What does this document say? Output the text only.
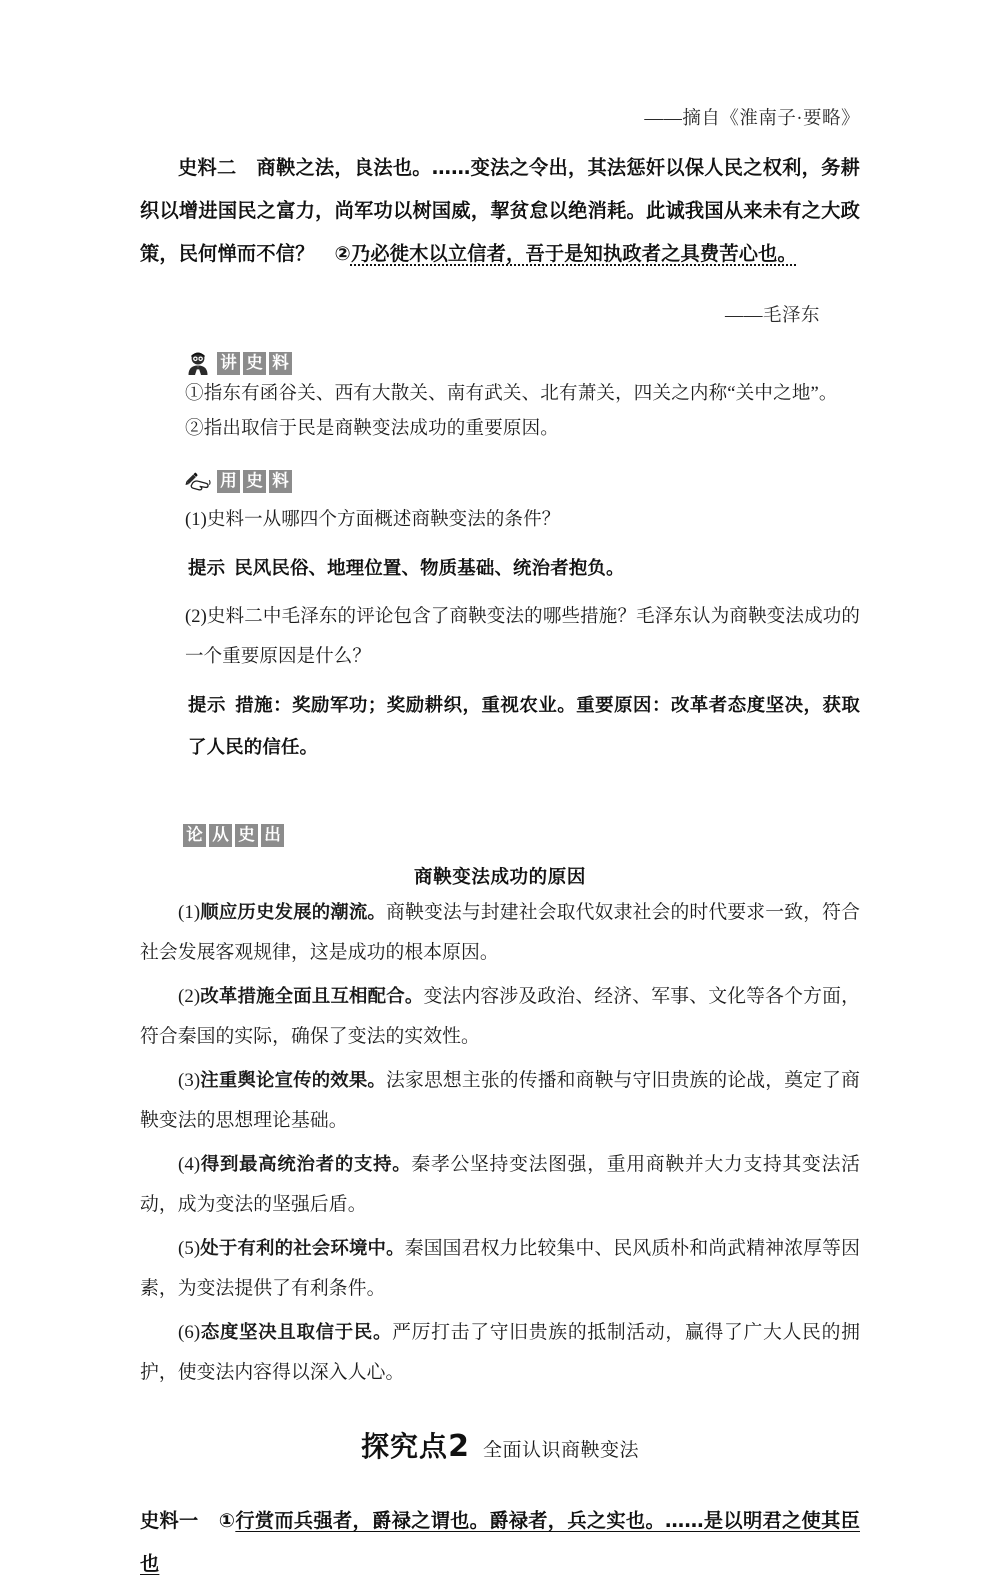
——摘自《淮南子·要略》
史料二 商鞅之法，良法也。……变法之令出，其法惩奸以保人民之权利，务耕织以增进国民之富力，尚军功以树国威，挈贫怠以绝消耗。此诚我国从来未有之大政策，民何惮而不信？ ②乃必徙木以立信者，吾于是知执政者之具费苦心也。
——毛泽东
讲 史 料
①指东有函谷关、西有大散关、南有武关、北有萧关，四关之内称“关中之地”。
②指出取信于民是商鞅变法成功的重要原因。
用 史 料
(1)史料一从哪四个方面概述商鞅变法的条件？
提示 民风民俗、地理位置、物质基础、统治者抱负。
(2)史料二中毛泽东的评论包含了商鞅变法的哪些措施？毛泽东认为商鞅变法成功的一个重要原因是什么？
提示 措施：奖励军功；奖励耕织，重视农业。重要原因：改革者态度坚决，获取了人民的信任。
论 从 史 出
商鞅变法成功的原因
(1)顺应历史发展的潮流。商鞅变法与封建社会取代奴隶社会的时代要求一致，符合社会发展客观规律，这是成功的根本原因。
(2)改革措施全面且互相配合。变法内容涉及政治、经济、军事、文化等各个方面，符合秦国的实际，确保了变法的实效性。
(3)注重舆论宣传的效果。法家思想主张的传播和商鞅与守旧贵族的论战，奠定了商鞅变法的思想理论基础。
(4)得到最高统治者的支持。秦孝公坚持变法图强，重用商鞅并大力支持其变法活动，成为变法的坚强后盾。
(5)处于有利的社会环境中。秦国国君权力比较集中、民风质朴和尚武精神浓厚等因素，为变法提供了有利条件。
(6)态度坚决且取信于民。严厉打击了守旧贵族的抵制活动，赢得了广大人民的拥护，使变法内容得以深入人心。
探究点2 全面认识商鞅变法
史料一 ①行赏而兵强者，爵禄之谓也。爵禄者，兵之实也。……是以明君之使其臣也
